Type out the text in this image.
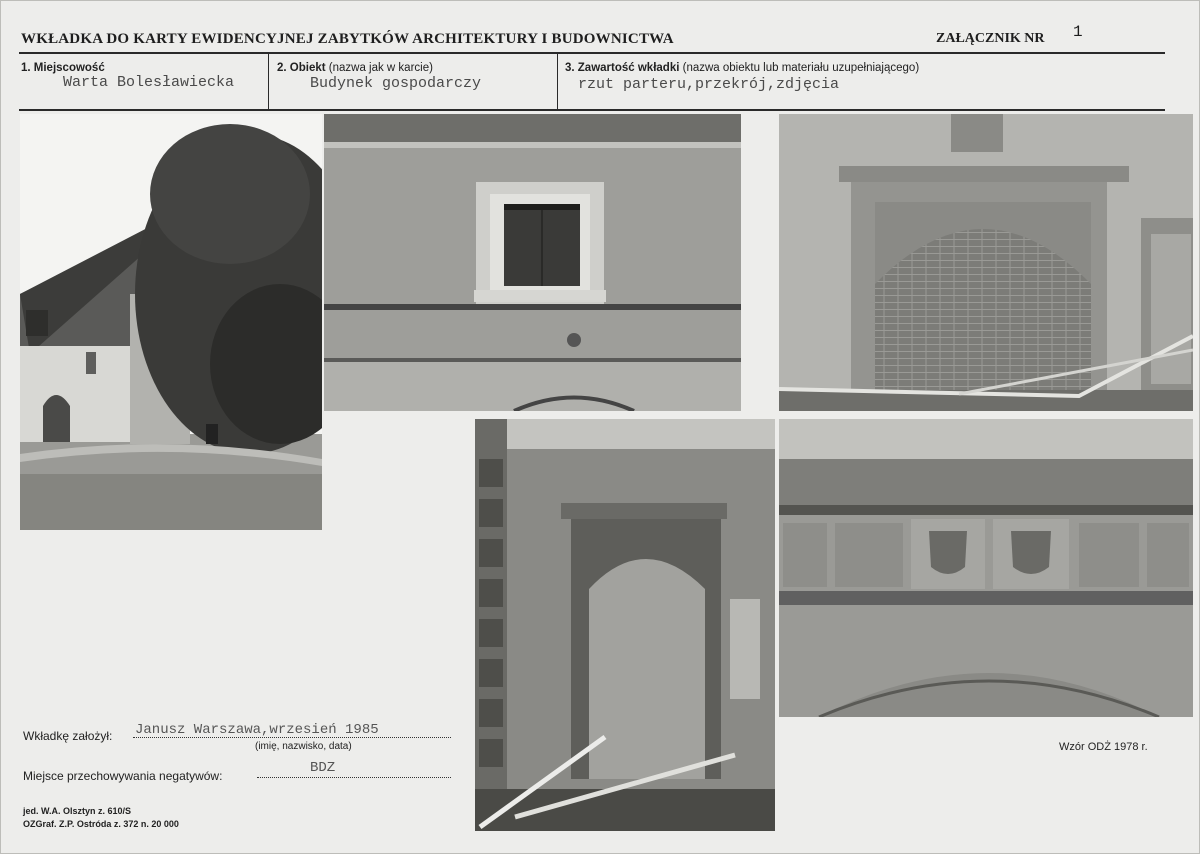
WKŁADKA DO KARTY EWIDENCYJNEJ ZABYTKÓW ARCHITEKTURY I BUDOWNICTWA	ZAŁĄCZNIK NR 1
1. Miejscowość
Warta Bolesławiecka
2. Obiekt (nazwa jak w karcie)
Budynek gospodarczy
3. Zawartość wkładki (nazwa obiektu lub materiału uzupełniającego)
rzut parteru,przekrój,zdjęcia
Wkładkę założył: Janusz Warszawa,wrzesień 1985
(imię, nazwisko, data)
Miejsce przechowywania negatywów:	BDZ
Wzór ODŻ 1978 r.
jed. W.A. Olsztyn z. 610/S
OZGraf. Z.P. Ostróda z. 372 n. 20 000
